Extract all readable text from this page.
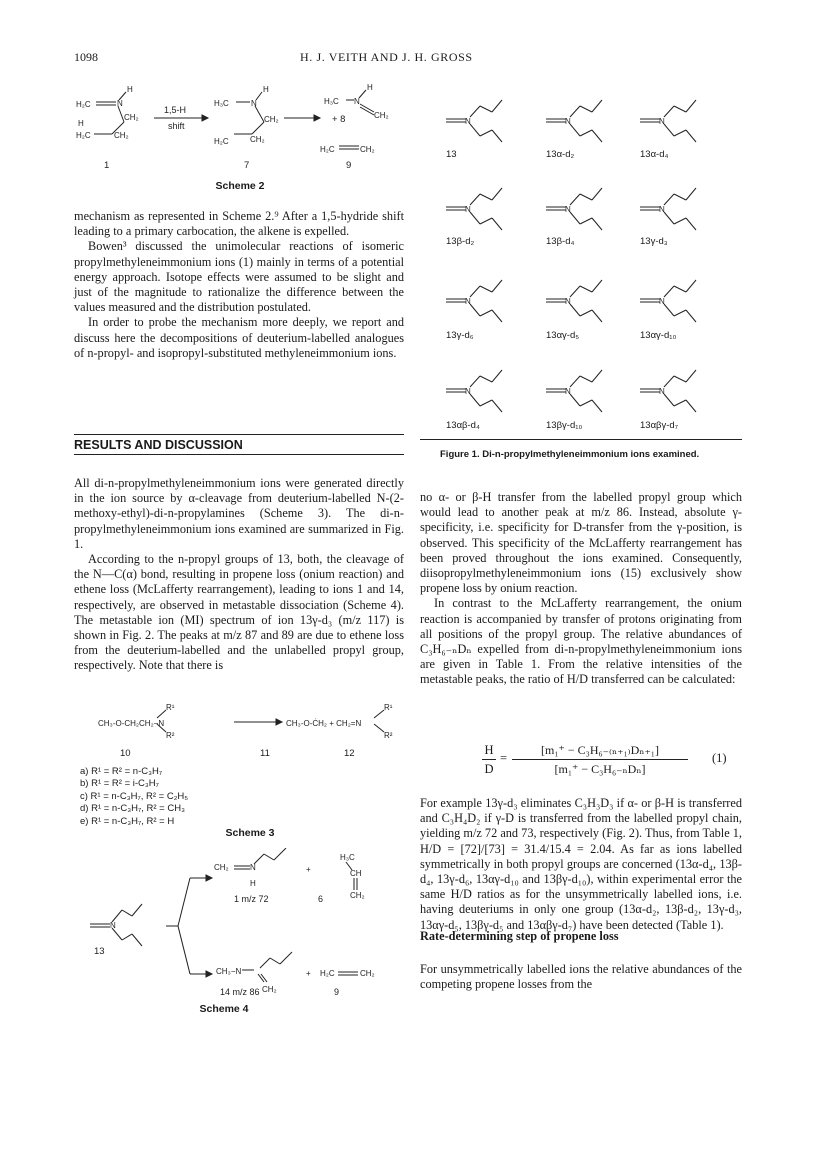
1098	H. J. VEITH AND J. H. GROSS
H₂C	N
H
H
CH₂
H₂C	CH₂
1,5-H
shift
H₃C	N
H
CH₂
H₂C	CH₂
H₃C N
H
CH₂
+ 8
H₂C	CH₂
1	7	9
Scheme 2

mechanism as represented in Scheme 2.⁹ After a 1,5-hydride shift leading to a primary carbocation, the alkene is expelled.

Bowen³ discussed the unimolecular reactions of isomeric propylmethyleneimmonium ions (1) mainly in terms of a potential energy approach. Isotope effects were assumed to be slight and just of the magnitude to rationalize the difference between the values measured and the distribution postulated.

In order to probe the mechanism more deeply, we report and discuss here the decompositions of deuterium-labelled analogues of n-propyl- and isopropyl-substituted methyleneimmonium ions.

RESULTS AND DISCUSSION

All di-n-propylmethyleneimmonium ions were generated directly in the ion source by α-cleavage from deuterium-labelled N-(2-methoxy-ethyl)-di-n-propylamines (Scheme 3). The di-n-propylmethyleneimmonium ions examined are summarized in Fig. 1.

According to the n-propyl groups of 13, both, the cleavage of the N—C(α) bond, resulting in propene loss (onium reaction) and ethene loss (McLafferty rearrangement), leading to ions 1 and 14, respectively, are observed in metastable dissociation (Scheme 4). The metastable ion (MI) spectrum of ion 13γ-d₃ (m/z 117) is shown in Fig. 2. The peaks at m/z 87 and 89 are due to ethene loss from the deuterium-labelled and the unlabelled propyl group, respectively. Note that there is

CH₃-O-CH₂CH₂−N
R¹
R²
CH₃-O-ĊH₂ + CH₂=N
R¹
R²
10	11	12
a) R¹ = R² = n-C₃H₇
b) R¹ = R² = i-C₃H₇
c) R¹ = n-C₃H₇, R² = C₂H₅
d) R¹ = n-C₃H₇, R² = CH₃
e) R¹ = n-C₃H₇, R² = H
Scheme 3
N
13
CH₂	N
H
+
1 m/z 72
H₃C
CH
CH₂
6
CH₃−N
CH₂
+ H₂C	CH₂
14 m/z 86	9
Scheme 4
N	N	N
N	N	N
N	N	N
N	N	N
13	13α-d₂	13α-d₄
13β-d₂	13β-d₄	13γ-d₃
13γ-d₆	13αγ-d₅	13αγ-d₁₀
13αβ-d₄	13βγ-d₁₀	13αβγ-d₇
Figure 1. Di-n-propylmethyleneimmonium ions examined.

no α- or β-H transfer from the labelled propyl group which would lead to another peak at m/z 86. Instead, absolute γ-specificity, i.e. specificity for D-transfer from the γ-position, is observed. This specificity of the McLafferty rearrangement has been proved throughout the ions examined. Consequently, diisopropylmethyleneimmonium ions (15) exclusively show propene loss by onium reaction.

In contrast to the McLafferty rearrangement, the onium reaction is accompanied by transfer of protons originating from all positions of the propyl group. The relative abundances of C₃H₆₋ₙDₙ expelled from di-n-propylmethyleneimmonium ions are given in Table 1. From the relative intensities of the metastable peaks, the ratio of H/D transferred can be calculated:

H
D
=
[m₁⁺ − C₃H₆₋₍ₙ₊₁₎Dₙ₊₁]
[m₁⁺ − C₃H₆₋ₙDₙ]
(1)

For example 13γ-d₃ eliminates C₃H₃D₃ if α- or β-H is transferred and C₃H₄D₂ if γ-D is transferred from the labelled propyl chain, yielding m/z 72 and 73, respectively (Fig. 2). Thus, from Table 1, H/D = [72]/[73] = 31.4/15.4 = 2.04. As far as ions labelled symmetrically in both propyl groups are concerned (13α-d₄, 13β-d₄, 13γ-d₆, 13αγ-d₁₀ and 13βγ-d₁₀), within experimental error the same H/D ratios as for the unsymmetrically labelled ions, i.e. having deuteriums in only one group (13α-d₂, 13β-d₂, 13γ-d₃, 13αγ-d₅, 13βγ-d₅ and 13αβγ-d₇) have been detected (Table 1).

Rate-determining step of propene loss

For unsymmetrically labelled ions the relative abundances of the competing propene losses from the
